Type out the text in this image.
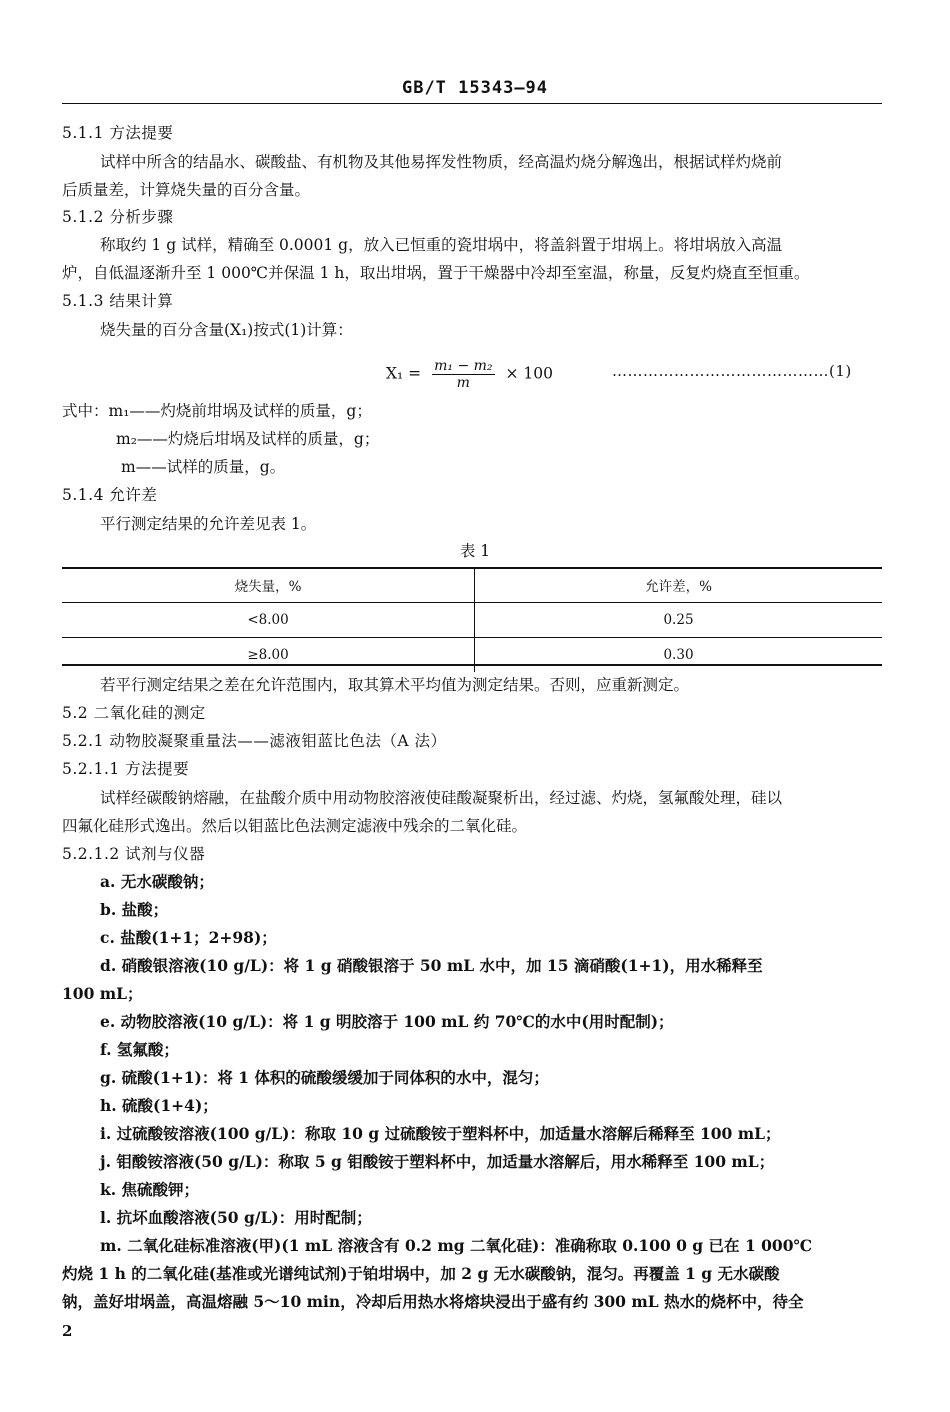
GB/T 15343—94
5.1.1 方法提要
试样中所含的结晶水、碳酸盐、有机物及其他易挥发性物质，经高温灼烧分解逸出，根据试样灼烧前
后质量差，计算烧失量的百分含量。
5.1.2 分析步骤
称取约 1 g 试样，精确至 0.0001 g，放入已恒重的瓷坩埚中，将盖斜置于坩埚上。将坩埚放入高温
炉，自低温逐渐升至 1 000℃并保温 1 h，取出坩埚，置于干燥器中冷却至室温，称量，反复灼烧直至恒重。
5.1.3 结果计算
烧失量的百分含量(X₁)按式(1)计算：
$X_1 = \frac{\text{m₁ − m₂}}{m} \times 100$	……………………………………(1)
式中：m₁——灼烧前坩埚及试样的质量，g；
m₂——灼烧后坩埚及试样的质量，g；
m——试样的质量，g。
5.1.4 允许差
平行测定结果的允许差见表 1。
表 1
烧失量，%	允许差，%
<8.00	0.25
≥8.00	0.30
若平行测定结果之差在允许范围内，取其算术平均值为测定结果。否则，应重新测定。
5.2 二氧化硅的测定
5.2.1 动物胶凝聚重量法——滤液钼蓝比色法（A 法）
5.2.1.1 方法提要
试样经碳酸钠熔融，在盐酸介质中用动物胶溶液使硅酸凝聚析出，经过滤、灼烧，氢氟酸处理，硅以
四氟化硅形式逸出。然后以钼蓝比色法测定滤液中残余的二氧化硅。
5.2.1.2 试剂与仪器
a. 无水碳酸钠；
b. 盐酸；
c. 盐酸(1+1；2+98)；
d. 硝酸银溶液(10 g/L)：将 1 g 硝酸银溶于 50 mL 水中，加 15 滴硝酸(1+1)，用水稀释至
100 mL；
e. 动物胶溶液(10 g/L)：将 1 g 明胶溶于 100 mL 约 70℃的水中(用时配制)；
f. 氢氟酸；
g. 硫酸(1+1)：将 1 体积的硫酸缓缓加于同体积的水中，混匀；
h. 硫酸(1+4)；
i. 过硫酸铵溶液(100 g/L)：称取 10 g 过硫酸铵于塑料杯中，加适量水溶解后稀释至 100 mL；
j. 钼酸铵溶液(50 g/L)：称取 5 g 钼酸铵于塑料杯中，加适量水溶解后，用水稀释至 100 mL；
k. 焦硫酸钾；
l. 抗坏血酸溶液(50 g/L)：用时配制；
m. 二氧化硅标准溶液(甲)(1 mL 溶液含有 0.2 mg 二氧化硅)：准确称取 0.100 0 g 已在 1 000℃
灼烧 1 h 的二氧化硅(基准或光谱纯试剂)于铂坩埚中，加 2 g 无水碳酸钠，混匀。再覆盖 1 g 无水碳酸
钠，盖好坩埚盖，高温熔融 5～10 min，冷却后用热水将熔块浸出于盛有约 300 mL 热水的烧杯中，待全
2
